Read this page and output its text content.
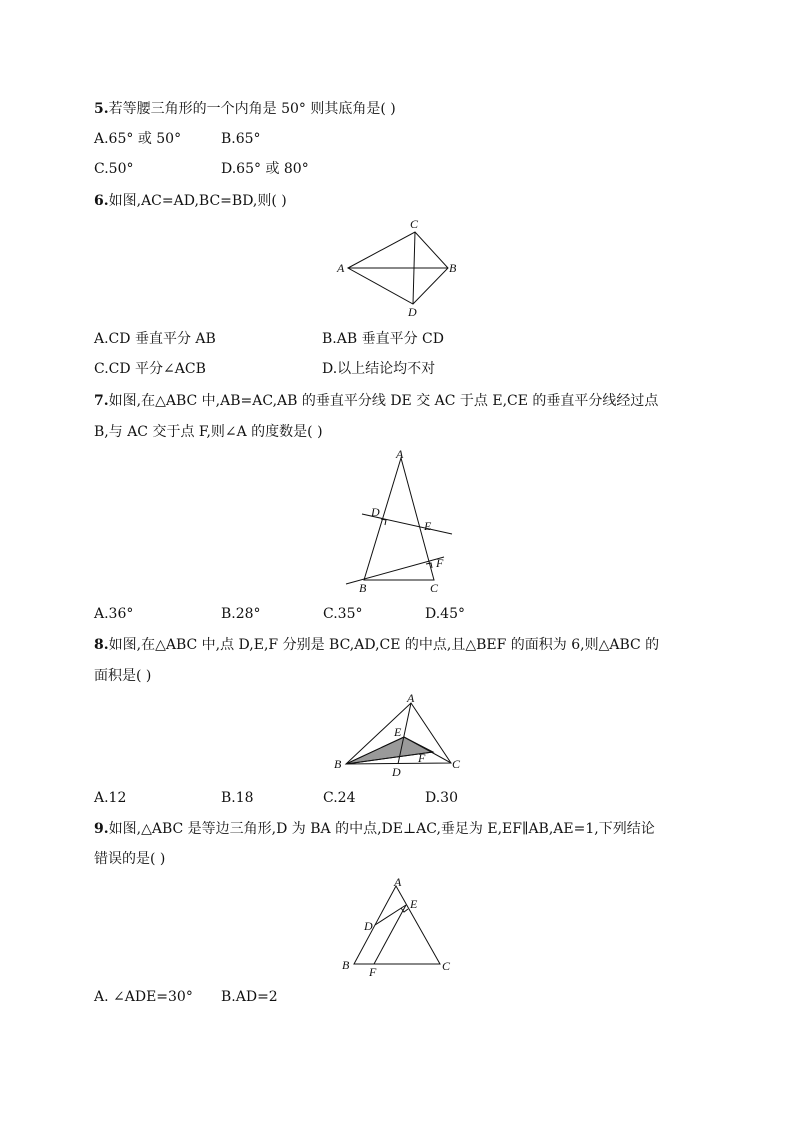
5.若等腰三角形的一个内角是 50° 则其底角是( )
A.65° 或 50°	B.65°
C.50°	D.65° 或 80°
6.如图,AC=AD,BC=BD,则( )
A	B
C
D
A.CD 垂直平分 AB	B.AB 垂直平分 CD
C.CD 平分∠ACB	D.以上结论均不对
7.如图,在△ABC 中,AB=AC,AB 的垂直平分线 DE 交 AC 于点 E,CE 的垂直平分线经过点
B,与 AC 交于点 F,则∠A 的度数是( )
A
B	C
D
E
F
A.36°	B.28°	C.35°	D.45°
8.如图,在△ABC 中,点 D,E,F 分别是 BC,AD,CE 的中点,且△BEF 的面积为 6,则△ABC 的
面积是( )
A
B	C
D
E
F
A.12	B.18	C.24	D.30
9.如图,△ABC 是等边三角形,D 为 BA 的中点,DE⊥AC,垂足为 E,EF∥AB,AE=1,下列结论
错误的是( )
A
B	C
D
E
F
A. ∠ADE=30° B.AD=2
